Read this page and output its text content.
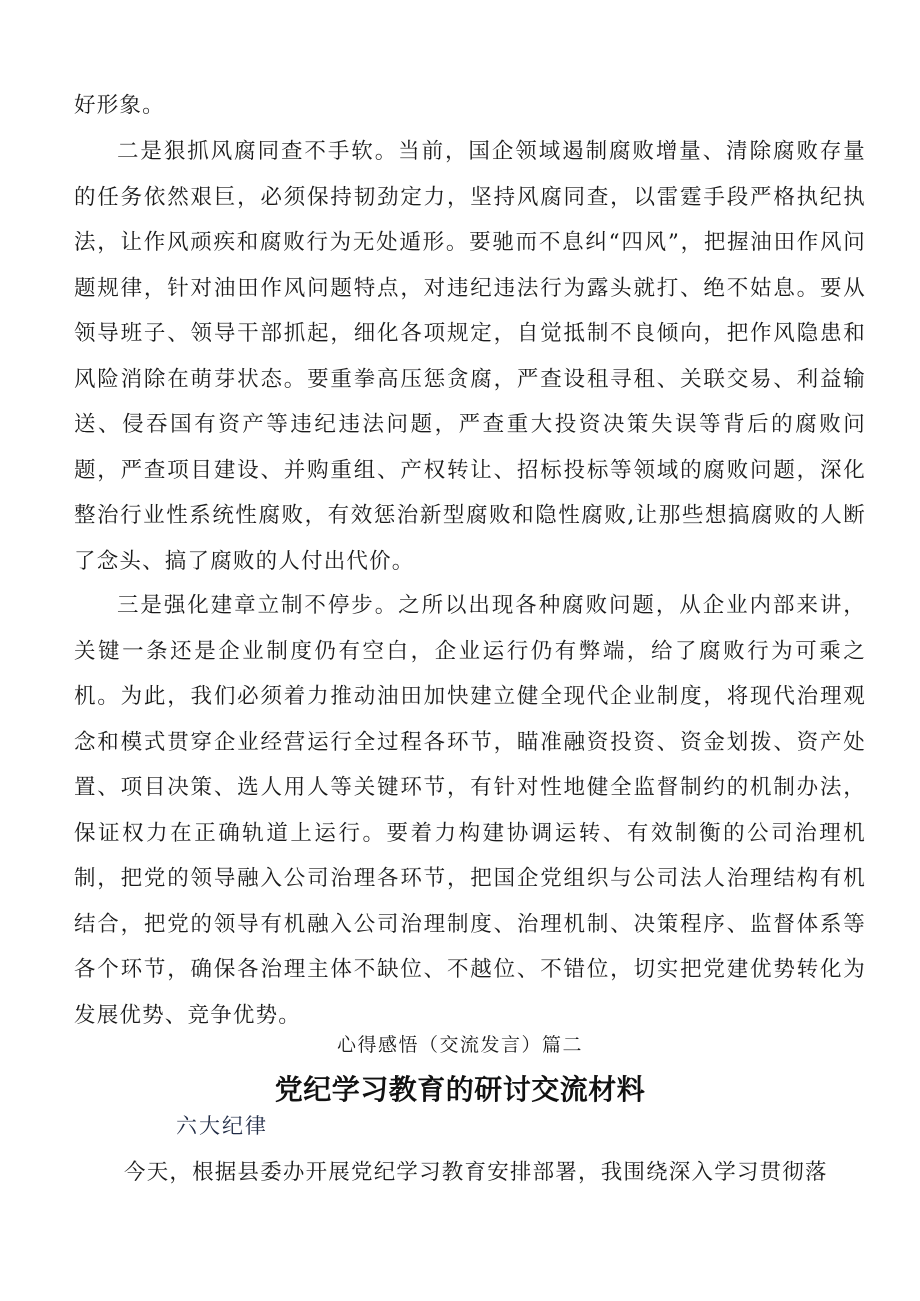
好形象。

二是狠抓风腐同查不手软。当前，国企领域遏制腐败增量、清除腐败存量的任务依然艰巨，必须保持韧劲定力，坚持风腐同查，以雷霆手段严格执纪执法，让作风顽疾和腐败行为无处遁形。要驰而不息纠“四风”，把握油田作风问题规律，针对油田作风问题特点，对违纪违法行为露头就打、绝不姑息。要从领导班子、领导干部抓起，细化各项规定，自觉抵制不良倾向，把作风隐患和风险消除在萌芽状态。要重拳高压惩贪腐，严查设租寻租、关联交易、利益输送、侵吞国有资产等违纪违法问题，严查重大投资决策失误等背后的腐败问题，严查项目建设、并购重组、产权转让、招标投标等领域的腐败问题，深化整治行业性系统性腐败，有效惩治新型腐败和隐性腐败,让那些想搞腐败的人断了念头、搞了腐败的人付出代价。

三是强化建章立制不停步。之所以出现各种腐败问题，从企业内部来讲，关键一条还是企业制度仍有空白，企业运行仍有弊端，给了腐败行为可乘之机。为此，我们必须着力推动油田加快建立健全现代企业制度，将现代治理观念和模式贯穿企业经营运行全过程各环节，瞄准融资投资、资金划拨、资产处置、项目决策、选人用人等关键环节，有针对性地健全监督制约的机制办法，保证权力在正确轨道上运行。要着力构建协调运转、有效制衡的公司治理机制，把党的领导融入公司治理各环节，把国企党组织与公司法人治理结构有机结合，把党的领导有机融入公司治理制度、治理机制、决策程序、监督体系等各个环节，确保各治理主体不缺位、不越位、不错位，切实把党建优势转化为发展优势、竞争优势。

心得感悟（交流发言）篇二

党纪学习教育的研讨交流材料

六大纪律

今天，根据县委办开展党纪学习教育安排部署，我围绕深入学习贯彻落
